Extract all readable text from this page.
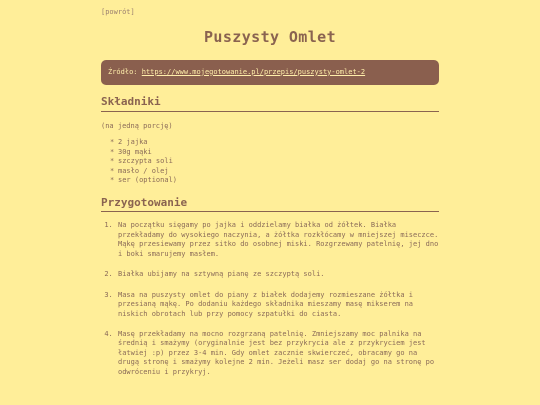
[powrót]
Puszysty Omlet
Źródło: https://www.mojegotowanie.pl/przepis/puszysty-omlet-2
Składniki

(na jedną porcję)

* 2 jajka
* 30g mąki
* szczypta soli
* masło / olej
* ser (optional)
Przygotowanie
1. Na początku sięgamy po jajka i oddzielamy białka od żółtek. Białka przekładamy do wysokiego naczynia, a żółtka rozkłócamy w mniejszej miseczce. Mąkę przesiewamy przez sitko do osobnej miski. Rozgrzewamy patelnię, jej dno i boki smarujemy masłem.
2. Białka ubijamy na sztywną pianę ze szczyptą soli.
3. Masa na puszysty omlet do piany z białek dodajemy rozmieszane żółtka i przesianą mąkę. Po dodaniu każdego składnika mieszamy masę mikserem na niskich obrotach lub przy pomocy szpatułki do ciasta.
4. Masę przekładamy na mocno rozgrzaną patelnię. Zmniejszamy moc palnika na średnią i smażymy (oryginalnie jest bez przykrycia ale z przykryciem jest łatwiej :p) przez 3-4 min. Gdy omlet zacznie skwierczeć, obracamy go na drugą stronę i smażymy kolejne 2 min. Jeżeli masz ser dodaj go na stronę po odwróceniu i przykryj.
